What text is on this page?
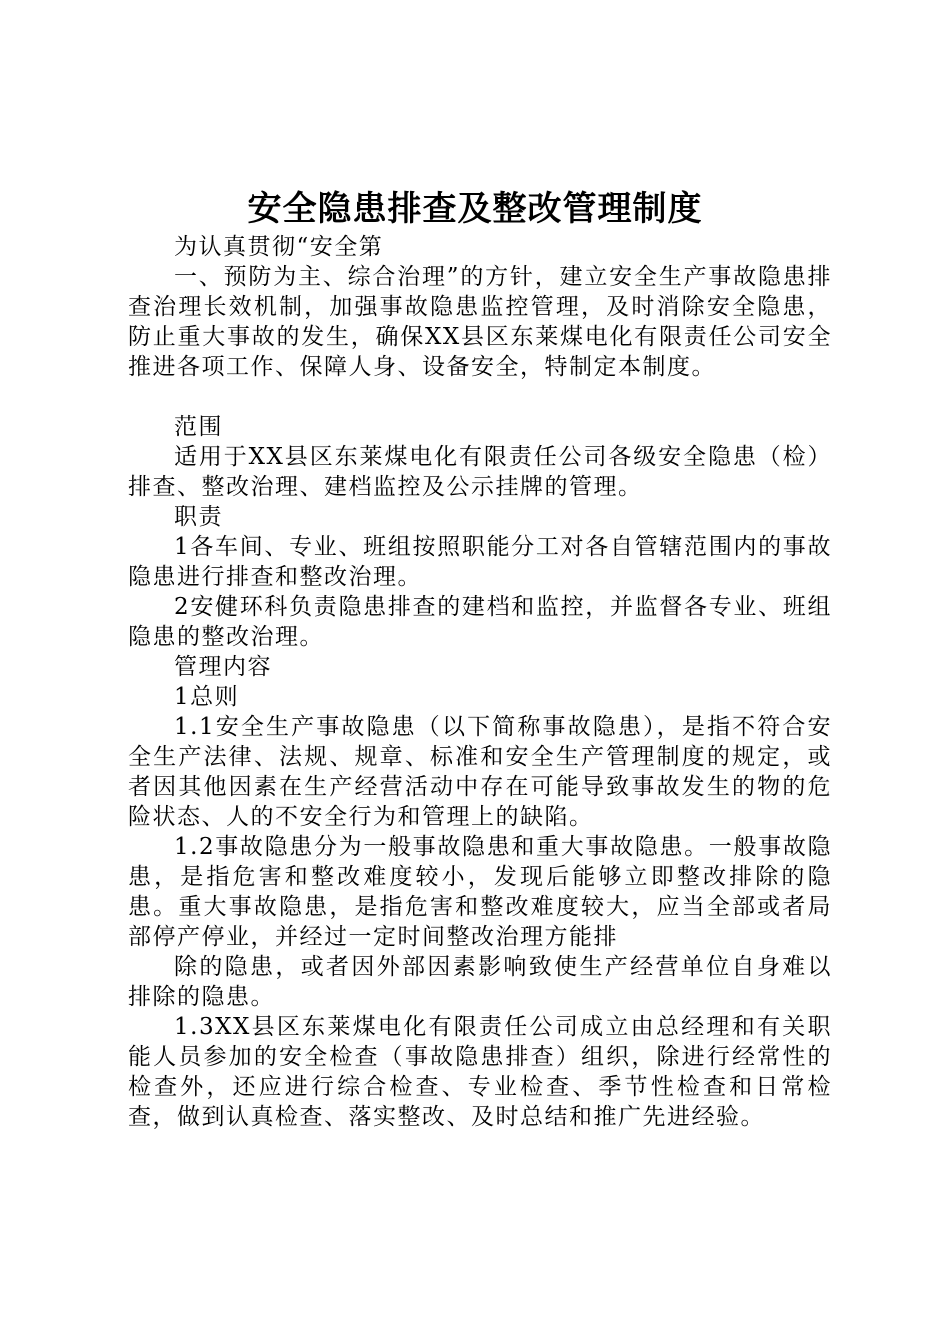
安全隐患排查及整改管理制度

为认真贯彻“安全第

一、预防为主、综合治理”的方针，建立安全生产事故隐患排查治理长效机制，加强事故隐患监控管理，及时消除安全隐患，防止重大事故的发生，确保XX县区东莱煤电化有限责任公司安全推进各项工作、保障人身、设备安全，特制定本制度。

范围

适用于XX县区东莱煤电化有限责任公司各级安全隐患（检）排查、整改治理、建档监控及公示挂牌的管理。

职责

1各车间、专业、班组按照职能分工对各自管辖范围内的事故隐患进行排查和整改治理。

2安健环科负责隐患排查的建档和监控，并监督各专业、班组隐患的整改治理。

管理内容

1总则

1.1安全生产事故隐患（以下简称事故隐患），是指不符合安全生产法律、法规、规章、标准和安全生产管理制度的规定，或者因其他因素在生产经营活动中存在可能导致事故发生的物的危险状态、人的不安全行为和管理上的缺陷。

1.2事故隐患分为一般事故隐患和重大事故隐患。一般事故隐患，是指危害和整改难度较小，发现后能够立即整改排除的隐患。重大事故隐患，是指危害和整改难度较大，应当全部或者局部停产停业，并经过一定时间整改治理方能排

除的隐患，或者因外部因素影响致使生产经营单位自身难以排除的隐患。

1.3XX县区东莱煤电化有限责任公司成立由总经理和有关职能人员参加的安全检查（事故隐患排查）组织，除进行经常性的检查外，还应进行综合检查、专业检查、季节性检查和日常检查，做到认真检查、落实整改、及时总结和推广先进经验。
